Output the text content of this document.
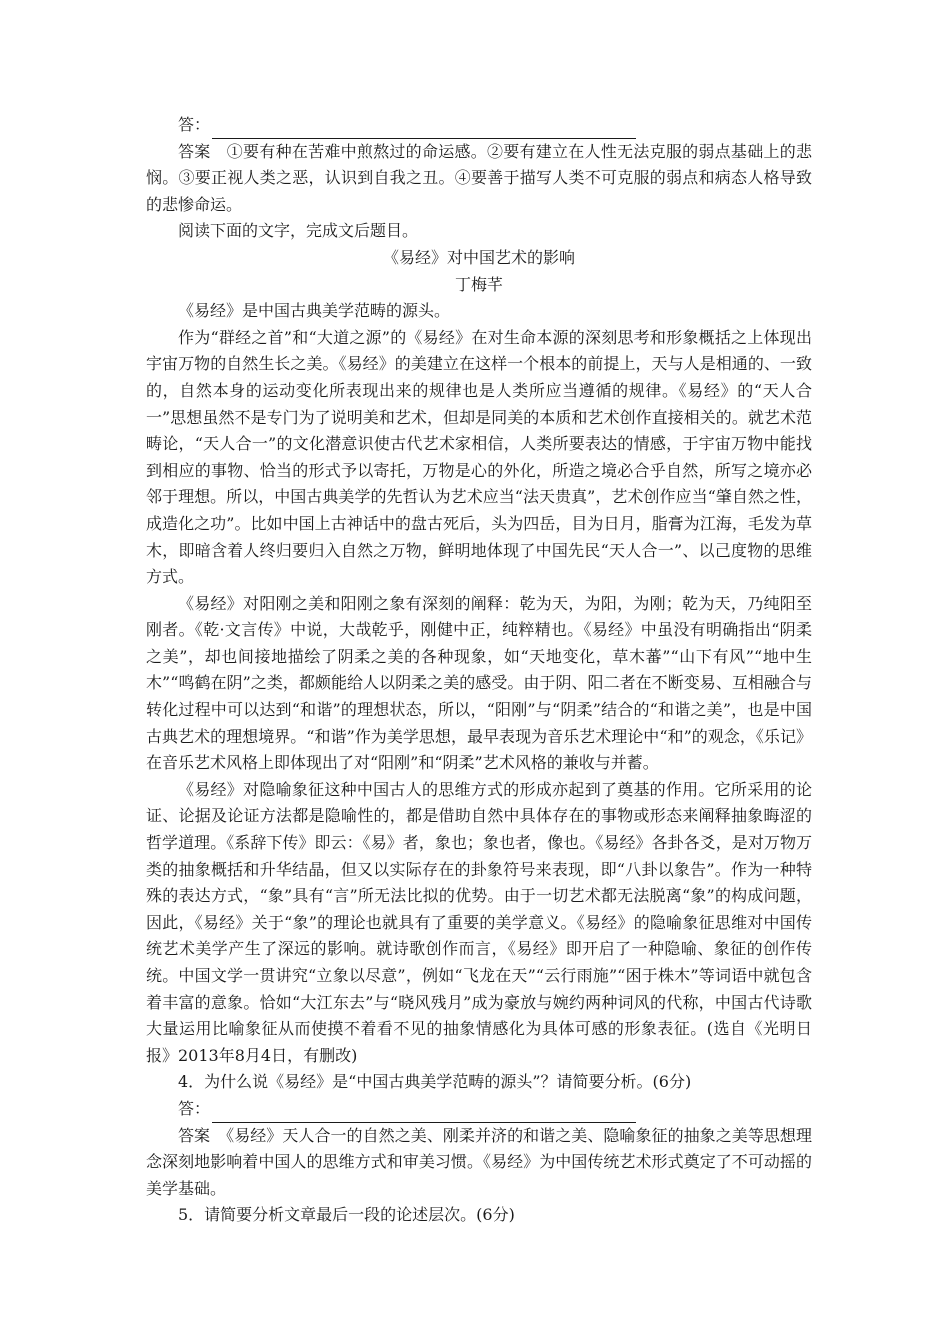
答：

答案　①要有种在苦难中煎熬过的命运感。②要有建立在人性无法克服的弱点基础上的悲悯。③要正视人类之恶，认识到自我之丑。④要善于描写人类不可克服的弱点和病态人格导致的悲惨命运。

阅读下面的文字，完成文后题目。

《易经》对中国艺术的影响

丁梅芊

《易经》是中国古典美学范畴的源头。

作为“群经之首”和“大道之源”的《易经》在对生命本源的深刻思考和形象概括之上体现出宇宙万物的自然生长之美。《易经》的美建立在这样一个根本的前提上，天与人是相通的、一致的，自然本身的运动变化所表现出来的规律也是人类所应当遵循的规律。《易经》的“天人合一”思想虽然不是专门为了说明美和艺术，但却是同美的本质和艺术创作直接相关的。就艺术范畴论，“天人合一”的文化潜意识使古代艺术家相信，人类所要表达的情感，于宇宙万物中能找到相应的事物、恰当的形式予以寄托，万物是心的外化，所造之境必合乎自然，所写之境亦必邻于理想。所以，中国古典美学的先哲认为艺术应当“法天贵真”，艺术创作应当“肇自然之性，成造化之功”。比如中国上古神话中的盘古死后，头为四岳，目为日月，脂膏为江海，毛发为草木，即暗含着人终归要归入自然之万物，鲜明地体现了中国先民“天人合一”、以己度物的思维方式。

《易经》对阳刚之美和阳刚之象有深刻的阐释：乾为天，为阳，为刚；乾为天，乃纯阳至刚者。《乾·文言传》中说，大哉乾乎，刚健中正，纯粹精也。《易经》中虽没有明确指出“阴柔之美”，却也间接地描绘了阴柔之美的各种现象，如“天地变化，草木蕃”“山下有风”“地中生木”“鸣鹤在阴”之类，都颇能给人以阴柔之美的感受。由于阴、阳二者在不断变易、互相融合与转化过程中可以达到“和谐”的理想状态，所以，“阳刚”与“阴柔”结合的“和谐之美”，也是中国古典艺术的理想境界。“和谐”作为美学思想，最早表现为音乐艺术理论中“和”的观念，《乐记》在音乐艺术风格上即体现出了对“阳刚”和“阴柔”艺术风格的兼收与并蓄。

《易经》对隐喻象征这种中国古人的思维方式的形成亦起到了奠基的作用。它所采用的论证、论据及论证方法都是隐喻性的，都是借助自然中具体存在的事物或形态来阐释抽象晦涩的哲学道理。《系辞下传》即云：《易》者，象也；象也者，像也。《易经》各卦各爻，是对万物万类的抽象概括和升华结晶，但又以实际存在的卦象符号来表现，即“八卦以象告”。作为一种特殊的表达方式，“象”具有“言”所无法比拟的优势。由于一切艺术都无法脱离“象”的构成问题，因此，《易经》关于“象”的理论也就具有了重要的美学意义。《易经》的隐喻象征思维对中国传统艺术美学产生了深远的影响。就诗歌创作而言，《易经》即开启了一种隐喻、象征的创作传统。中国文学一贯讲究“立象以尽意”，例如“飞龙在天”“云行雨施”“困于株木”等词语中就包含着丰富的意象。恰如“大江东去”与“晓风残月”成为豪放与婉约两种词风的代称，中国古代诗歌大量运用比喻象征从而使摸不着看不见的抽象情感化为具体可感的形象表征。(选自《光明日报》2013年8月4日，有删改)

4．为什么说《易经》是“中国古典美学范畴的源头”？请简要分析。(6分)

答：

答案　《易经》天人合一的自然之美、刚柔并济的和谐之美、隐喻象征的抽象之美等思想理念深刻地影响着中国人的思维方式和审美习惯。《易经》为中国传统艺术形式奠定了不可动摇的美学基础。

5．请简要分析文章最后一段的论述层次。(6分)
